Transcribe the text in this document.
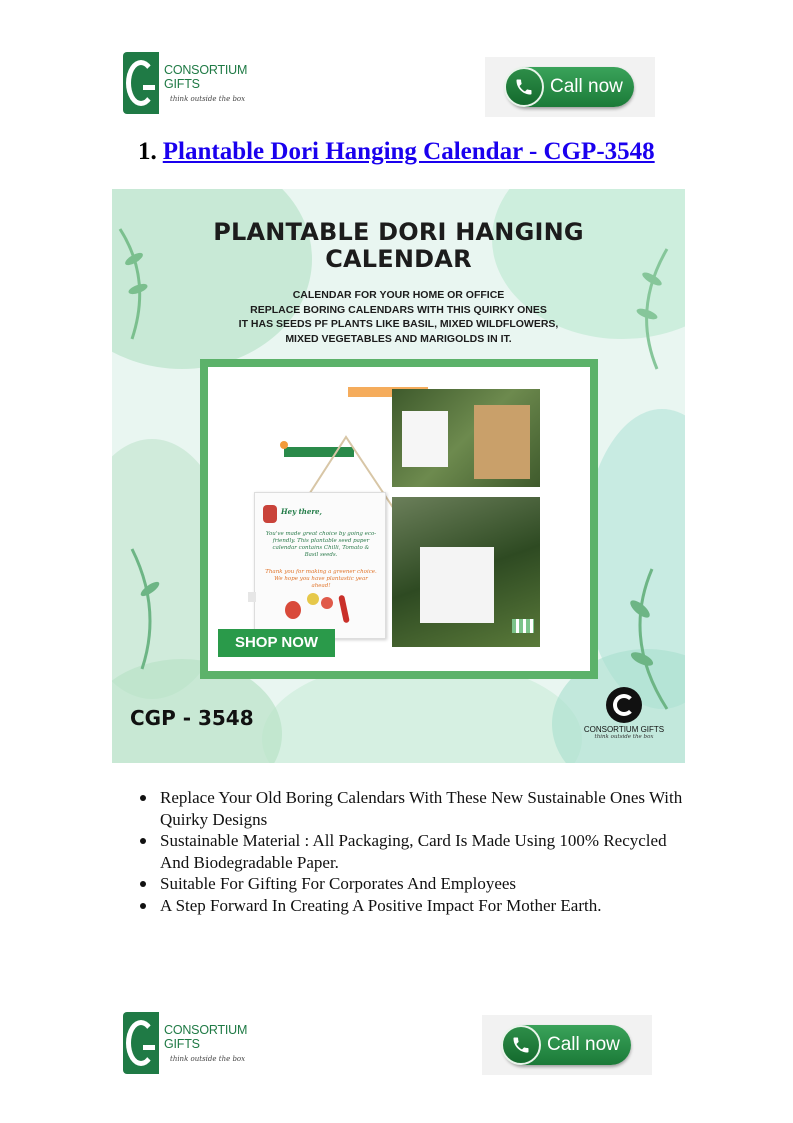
CONSORTIUM GIFTS
think outside the box
Call now
1. Plantable Dori Hanging Calendar - CGP-3548
PLANTABLE DORI HANGING
CALENDAR
CALENDAR FOR YOUR HOME OR OFFICE
REPLACE BORING CALENDARS WITH THIS QUIRKY ONES
IT HAS SEEDS PF PLANTS LIKE BASIL, MIXED WILDFLOWERS,
MIXED VEGETABLES AND MARIGOLDS IN IT.
Hey there,
You've made great choice by going eco-friendly. This plantable seed paper calendar contains Chilli, Tomato & Basil seeds.
Thank you for making a greener choice. We hope you have plantastic year ahead!
SHOP NOW
CGP - 3548	CONSORTIUM GIFTS
think outside the box
Replace Your Old Boring Calendars With These New Sustainable Ones With Quirky Designs
Sustainable Material : All Packaging, Card Is Made Using 100% Recycled And Biodegradable Paper.
Suitable For Gifting For Corporates And Employees
A Step Forward In Creating A Positive Impact For Mother Earth.
CONSORTIUM GIFTS
think outside the box
Call now
